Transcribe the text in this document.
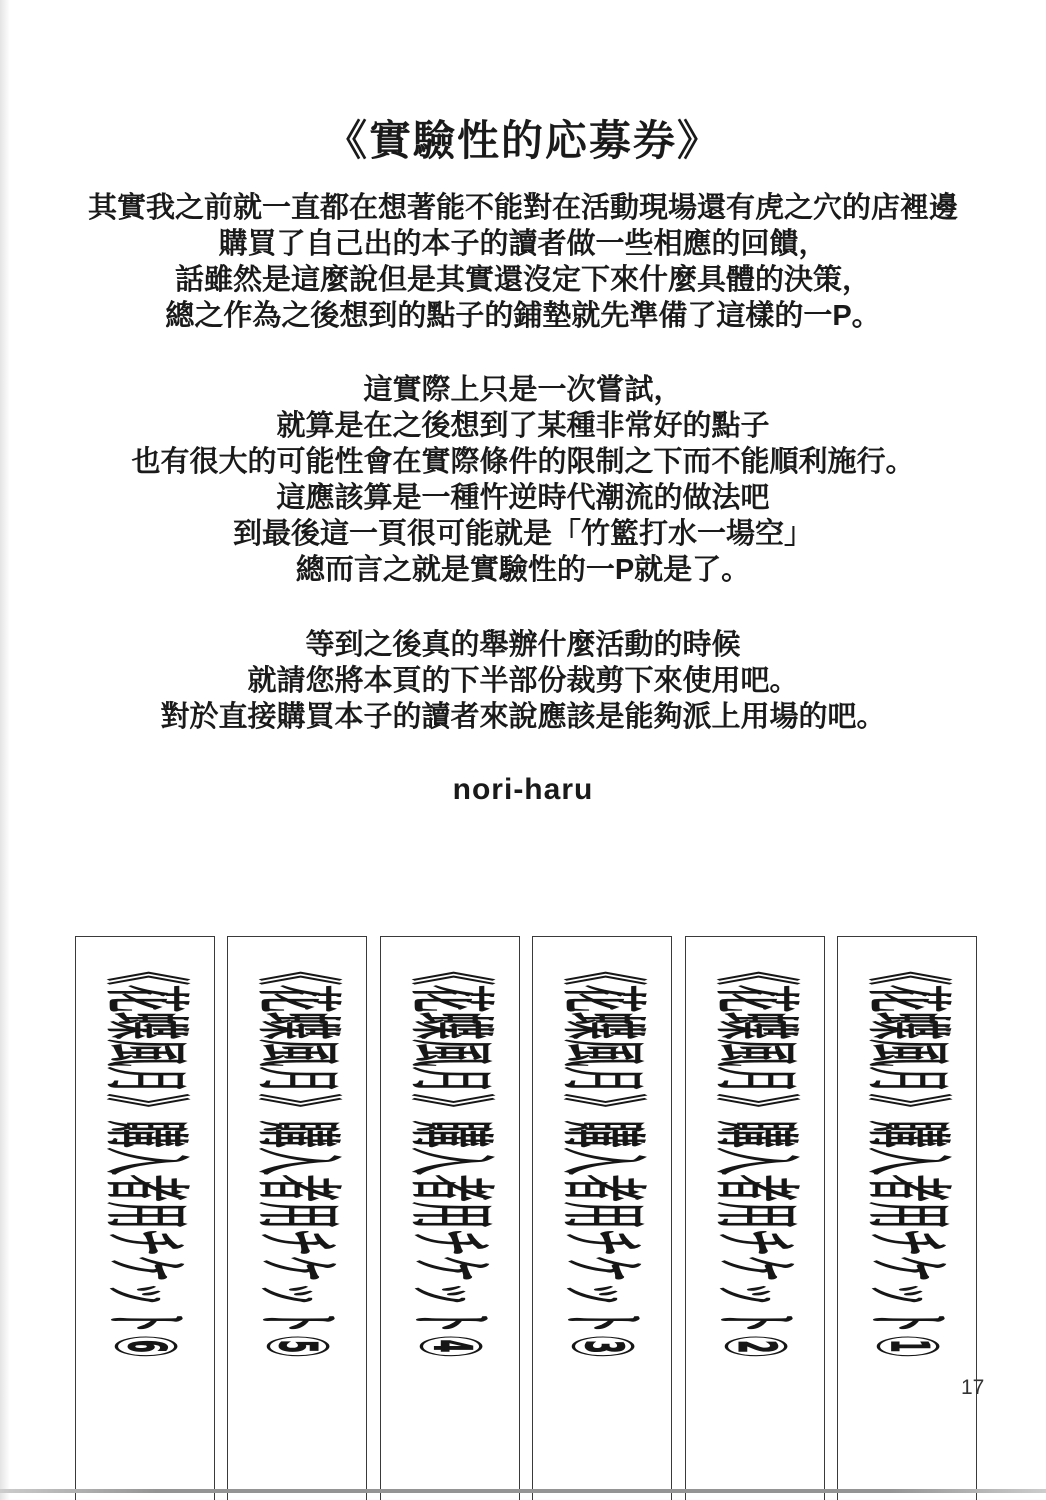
《實驗性的応募券》
其實我之前就一直都在想著能不能對在活動現場還有虎之穴的店裡邊
購買了自己出的本子的讀者做一些相應的回饋，
話雖然是這麼說但是其實還沒定下來什麼具體的決策，
總之作為之後想到的點子的鋪墊就先準備了這樣的一P。
這實際上只是一次嘗試，
就算是在之後想到了某種非常好的點子
也有很大的可能性會在實際條件的限制之下而不能順利施行。
這應該算是一種忤逆時代潮流的做法吧
到最後這一頁很可能就是「竹籃打水一場空」
總而言之就是實驗性的一P就是了。
等到之後真的舉辦什麼活動的時候
就請您將本頁的下半部份裁剪下來使用吧。
對於直接購買本子的讀者來說應該是能夠派上用場的吧。
nori-haru
《花蝶風月》購入者用チケット⑥ 《花蝶風月》購入者用チケット⑤ 《花蝶風月》購入者用チケット④ 《花蝶風月》購入者用チケット③ 《花蝶風月》購入者用チケット② 《花蝶風月》購入者用チケット①
17
